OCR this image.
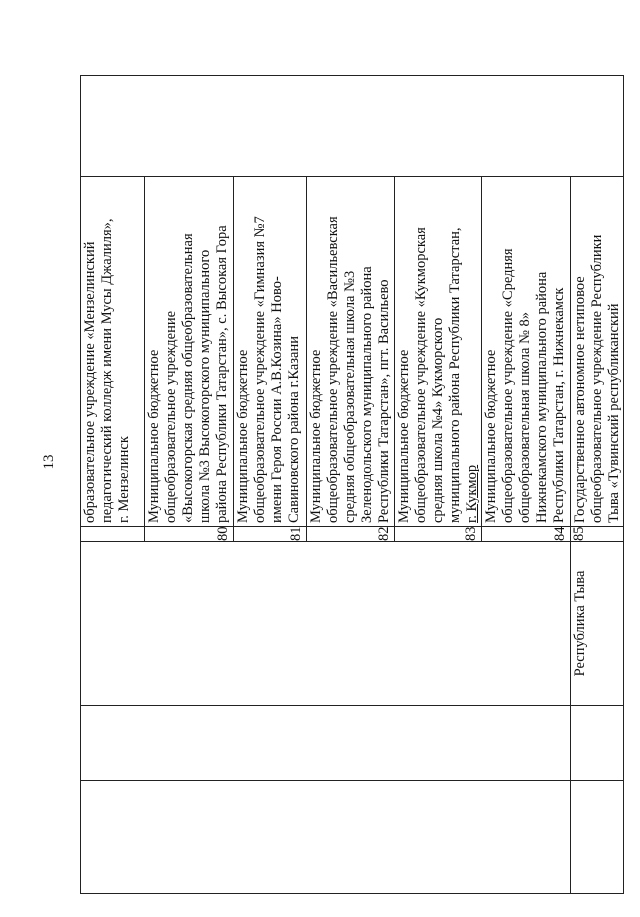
13

				образовательное учреждение «Мензелинский педагогический колледж имени Мусы Джалиля», г. Мензелинск	

			80	Муниципальное бюджетное общеобразовательное учреждение «Высокогорская средняя общеобразовательная школа №3 Высокогорского муниципального района Республики Татарстан», с. Высокая Гора	

			81	Муниципальное бюджетное общеобразовательное учреждение «Гимназия №7 имени Героя России А.В.Козина» Ново- Савиновского района г.Казани	

			82	Муниципальное бюджетное общеобразовательное учреждение «Васильевская средняя общеобразовательная школа №3 Зеленодольского муниципального района Республики Татарстан», пгт. Васильево	

			83	Муниципальное бюджетное общеобразовательное учреждение «Кукморская средняя школа №4» Кукморского муниципального района Республики Татарстан, г. Кукмор	

			84	Муниципальное бюджетное общеобразовательное учреждение «Средняя общеобразовательная школа № 8» Нижнекамского муниципального района Республики Татарстан, г. Нижнекамск	

		Республика Тыва	85	Государственное автономное нетиповое общеобразовательное учреждение Республики Тыва «Тувинский республиканский	
